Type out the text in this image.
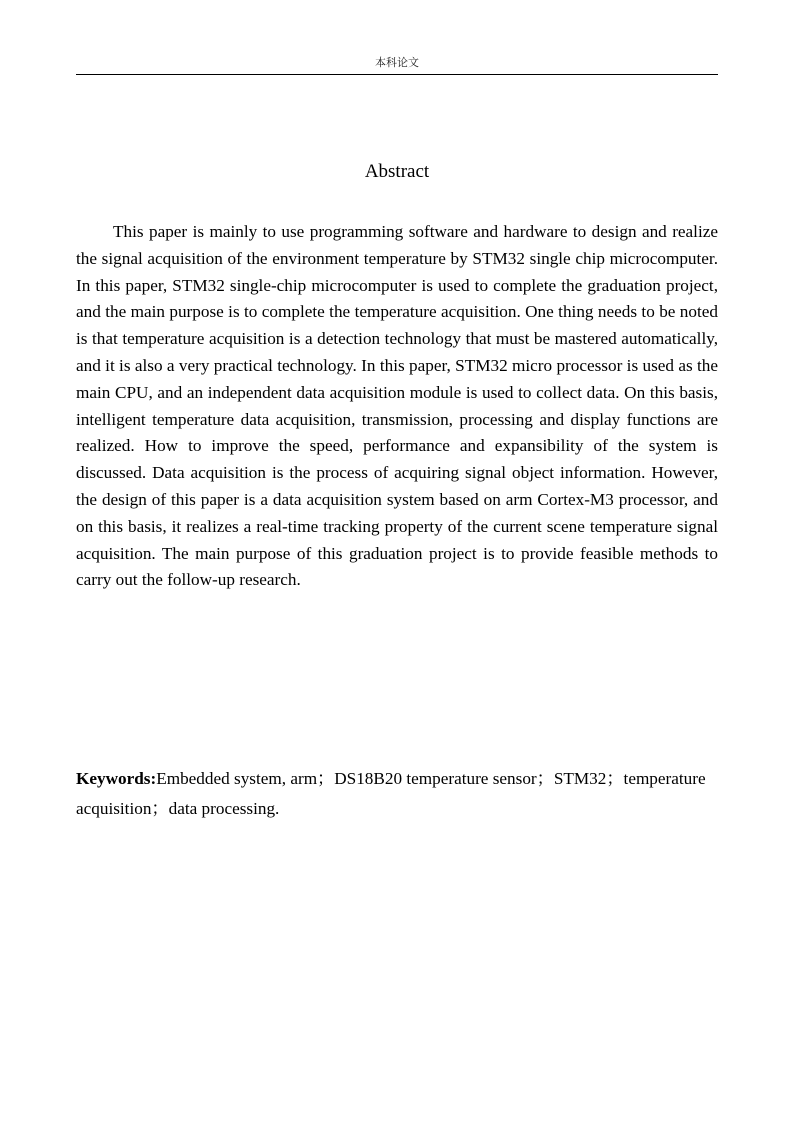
本科论文
Abstract

This paper is mainly to use programming software and hardware to design and realize the signal acquisition of the environment temperature by STM32 single chip microcomputer. In this paper, STM32 single-chip microcomputer is used to complete the graduation project, and the main purpose is to complete the temperature acquisition. One thing needs to be noted is that temperature acquisition is a detection technology that must be mastered automatically, and it is also a very practical technology. In this paper, STM32 micro processor is used as the main CPU, and an independent data acquisition module is used to collect data. On this basis, intelligent temperature data acquisition, transmission, processing and display functions are realized. How to improve the speed, performance and expansibility of the system is discussed. Data acquisition is the process of acquiring signal object information. However, the design of this paper is a data acquisition system based on arm Cortex-M3 processor, and on this basis, it realizes a real-time tracking property of the current scene temperature signal acquisition. The main purpose of this graduation project is to provide feasible methods to carry out the follow-up research.

Keywords:Embedded system, arm；DS18B20 temperature sensor；STM32；temperature acquisition；data processing.
